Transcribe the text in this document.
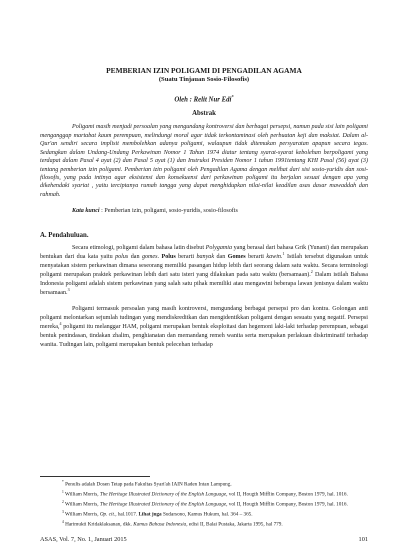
PEMBERIAN IZIN POLIGAMI DI PENGADILAN AGAMA
(Suatu Tinjauan Sosio-Filosofis)
Oleh : Relit Nur Edi*
Abstrak

Poligami masih menjadi persoalan yang mengundang kontroversi dan berbagai persepsi, namun pada sisi lain poligami menganggap martabat kaum perempuan, melindungi moral agar tidak terkontaminasi oleh perbuatan keji dan maksiat. Dalam al-Qur'an sendiri secara implisit membolehkan adanya poligami, walaupun tidak ditemukan persyaratan apapun secara tegas. Sedangkan dalam Undang-Undang Perkawinan Nomor 1 Tahun 1974 diatur tentang syarat-syarat kebolehan berpoligami yang terdapat dalam Pasal 4 ayat (2) dan Pasal 5 ayat (1) dan Instruksi Presiden Nomor 1 tahun 1991tentang KHI Pasal (56) ayat (3) tentang pemberian izin poligami. Pemberian izin poligami oleh Pengadilan Agama dengan melihat dari sisi sosio-yuridis dan sosi-filosofis, yang pada intinya agar eksistensi dan konsekuensi dari perkawinan poligami itu berjalan sesuai dengan apa yang dikehendaki syariat , yaitu terciptanya rumah tangga yang dapat menghidupkan nilai-nilai keadilan asas dasar mawaddah dan rahmah.

Kata kunci : Pemberian izin, poligami, sosio-yuridis, sosio-filosofis
A. Pendahuluan.

Secara etimologi, poligami dalam bahasa latin disebut Polygamia yang berasal dari bahasa Grik (Yunani) dan merupakan bentukan dari dua kata yaitu polus dan gomes. Polus berarti banyak dan Gomes berarti kawin.$^1$ Istilah tersebut digunakan untuk menyatakan sistem perkawinan dimana seseorang memiliki pasangan hidup lebih dari seorang dalam satu waktu. Secara terminologi poligami merupakan praktek perkawinan lebih dari satu isteri yang dilakukan pada satu waktu (bersamaan).$^2$ Dalam istilah Bahasa Indonesia poligami adalah sistem perkawinan yang salah satu pihak memiliki atau mengawini beberapa lawan jenisnya dalam waktu bersamaan.$^3$

Poligami termasuk persoalan yang masih kontroversi, mengundang berbagai persepsi pro dan kontra. Golongan anti poligami melontarkan sejumlah tudingan yang mendiskreditkan dan mengidentikkan poligami dengan sesuatu yang negatif. Persepsi mereka,$^4$ poligami itu melanggar HAM, poligami merupakan bentuk eksploitasi dan hegemoni laki-laki terhadap perempuan, sebagai bentuk penindasan, tindakan zhalim, penghianatan dan memandang remeh wanita serta merupakan perlakuan diskriminatif terhadap wanita. Tudingan lain, poligami merupakan bentuk pelecehan terhadap

* Penulis adalah Dosen Tetap pada Fakultas Syari'ah IAIN Raden Intan Lampung.
$^1$ William Morris, The Heritage Illustrated Dictionary of the English Language, vol II, Hougth Mifflin Company, Boston 1979, hal. 1016.
$^2$ William Morris, The Heritage Illustrated Dictionary of the English Language, vol II, Hougth Mifflin Company, Boston 1979, hal. 1016.
$^3$ William Morris, Op. cit., hal.1017. Lihat juga Sudarsono, Kamus Hukum, hal. 364 – 365.
$^4$ Harimukti Kridaklaksanan, dkk. Kamus Bahasa Indonesia, edisi II, Balai Pustaka, Jakarta 1995, hal 779.
ASAS, Vol. 7, No. 1, Januari 2015	101
